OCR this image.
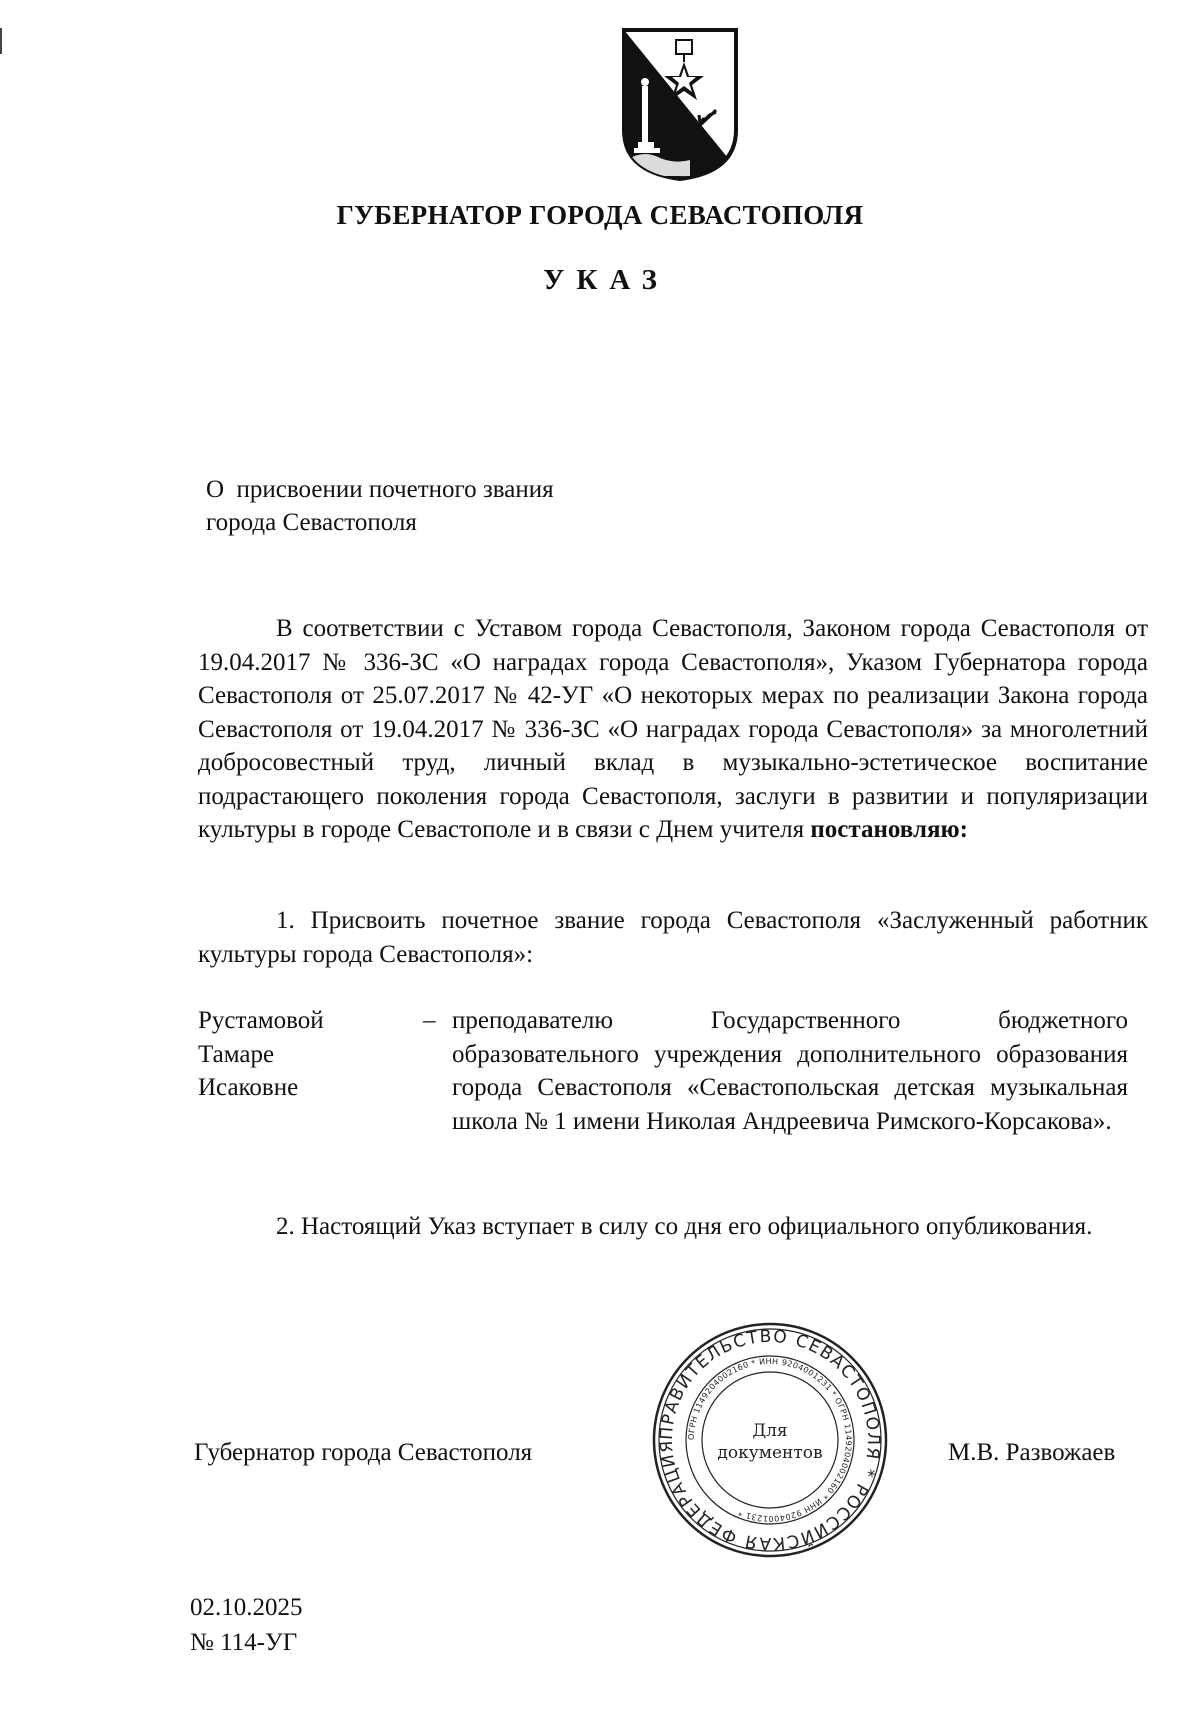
ГУБЕРНАТОР ГОРОДА СЕВАСТОПОЛЯ
УКАЗ
О  присвоении почетного звания
города Севастополя
В соответствии с Уставом города Севастополя, Законом города Севастополя от 19.04.2017 № 336-ЗС «О наградах города Севастополя», Указом Губернатора города Севастополя от 25.07.2017 № 42-УГ «О некоторых мерах по реализации Закона города Севастополя от 19.04.2017 № 336-ЗС «О наградах города Севастополя» за многолетний добросовестный труд, личный вклад в музыкально-эстетическое воспитание подрастающего поколения города Севастополя, заслуги в развитии и популяризации культуры в городе Севастополе и в связи с Днем учителя постановляю:
1. Присвоить почетное звание города Севастополя «Заслуженный работник культуры города Севастополя»:
Рустамовой
Тамаре
Исаковне
– преподавателю Государственного бюджетного образовательного учреждения дополнительного образования города Севастополя «Севастопольская детская музыкальная школа № 1 имени Николая Андреевича Римского-Корсакова».
2. Настоящий Указ вступает в силу со дня его официального опубликования.
Губернатор города Севастополя
ПРАВИТЕЛЬСТВО СЕВАСТОПОЛЯ * РОССИЙСКАЯ ФЕДЕРАЦИЯ
ОГРН 1149204002160 * ИНН 9204001231 * ОГРН 1149204002160 * ИНН 9204001231 *
Для
документов	М.В. Развожаев
02.10.2025
№ 114-УГ
